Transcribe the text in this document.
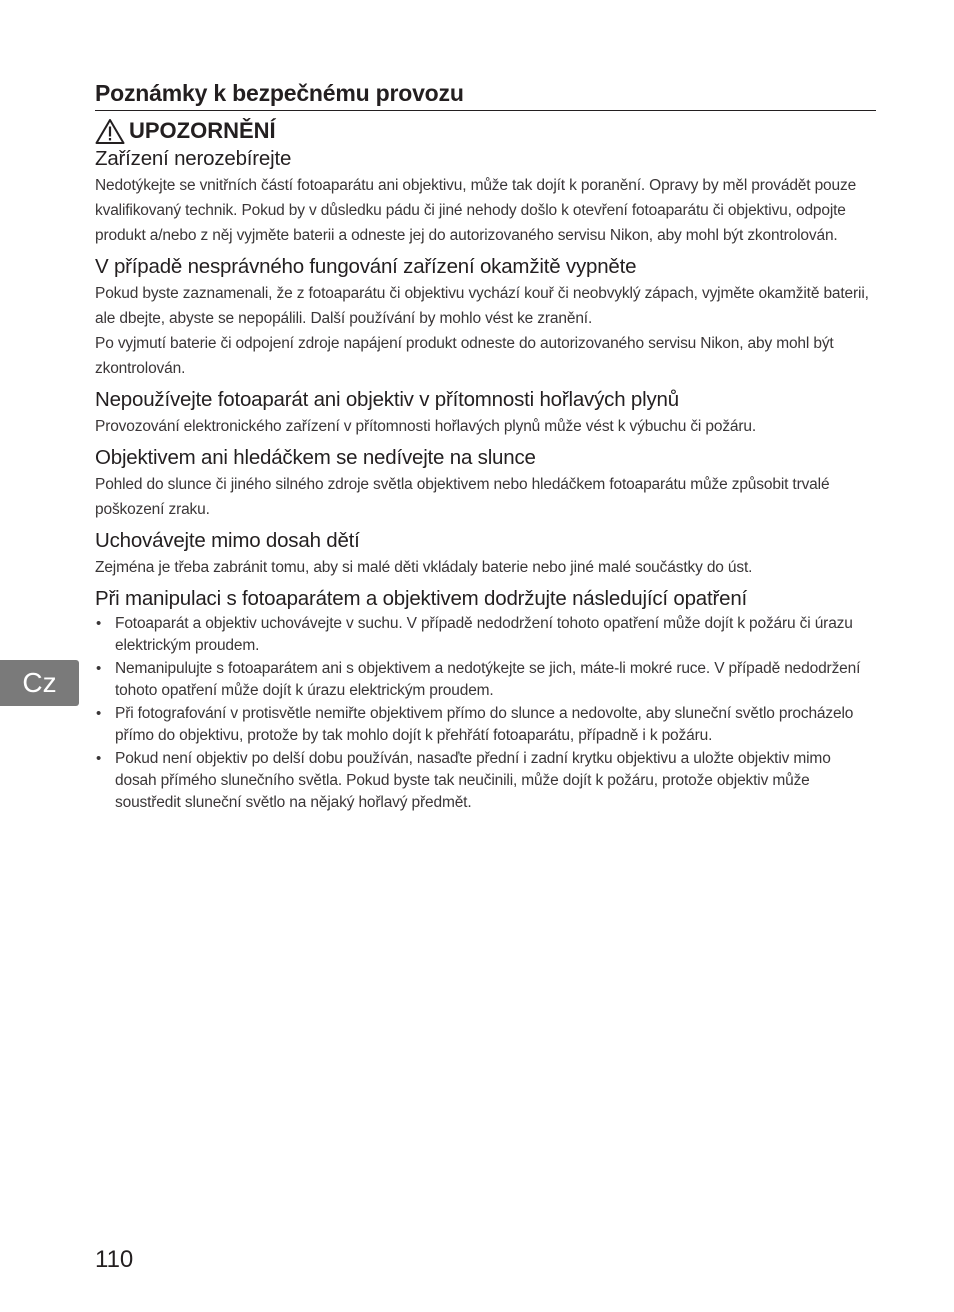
Poznámky k bezpečnému provozu
UPOZORNĚNÍ
Zařízení nerozebírejte

Nedotýkejte se vnitřních částí fotoaparátu ani objektivu, může tak dojít k poranění. Opravy by měl provádět pouze kvalifikovaný technik. Pokud by v důsledku pádu či jiné nehody došlo k otevření fotoaparátu či objektivu, odpojte produkt a/nebo z něj vyjměte baterii a odneste jej do autorizovaného servisu Nikon, aby mohl být zkontrolován.

V případě nesprávného fungování zařízení okamžitě vypněte

Pokud byste zaznamenali, že z fotoaparátu či objektivu vychází kouř či neobvyklý zápach, vyjměte okamžitě baterii, ale dbejte, abyste se nepopálili. Další používání by mohlo vést ke zranění.

Po vyjmutí baterie či odpojení zdroje napájení produkt odneste do autorizovaného servisu Nikon, aby mohl být zkontrolován.

Nepoužívejte fotoaparát ani objektiv v přítomnosti hořlavých plynů

Provozování elektronického zařízení v přítomnosti hořlavých plynů může vést k výbuchu či požáru.

Objektivem ani hledáčkem se nedívejte na slunce

Pohled do slunce či jiného silného zdroje světla objektivem nebo hledáčkem fotoaparátu může způsobit trvalé poškození zraku.

Uchovávejte mimo dosah dětí

Zejména je třeba zabránit tomu, aby si malé děti vkládaly baterie nebo jiné malé součástky do úst.

Při manipulaci s fotoaparátem a objektivem dodržujte následující opatření
• Fotoaparát a objektiv uchovávejte v suchu. V případě nedodržení tohoto opatření může dojít k požáru či úrazu elektrickým proudem.
• Nemanipulujte s fotoaparátem ani s objektivem a nedotýkejte se jich, máte-li mokré ruce. V případě nedodržení tohoto opatření může dojít k úrazu elektrickým proudem.
• Při fotografování v protisvětle nemiřte objektivem přímo do slunce a nedovolte, aby sluneční světlo procházelo přímo do objektivu, protože by tak mohlo dojít k přehřátí fotoaparátu, případně i k požáru.
• Pokud není objektiv po delší dobu používán, nasaďte přední i zadní krytku objektivu a uložte objektiv mimo dosah přímého slunečního světla. Pokud byste tak neučinili, může dojít k požáru, protože objektiv může soustředit sluneční světlo na nějaký hořlavý předmět.
Cz
110
